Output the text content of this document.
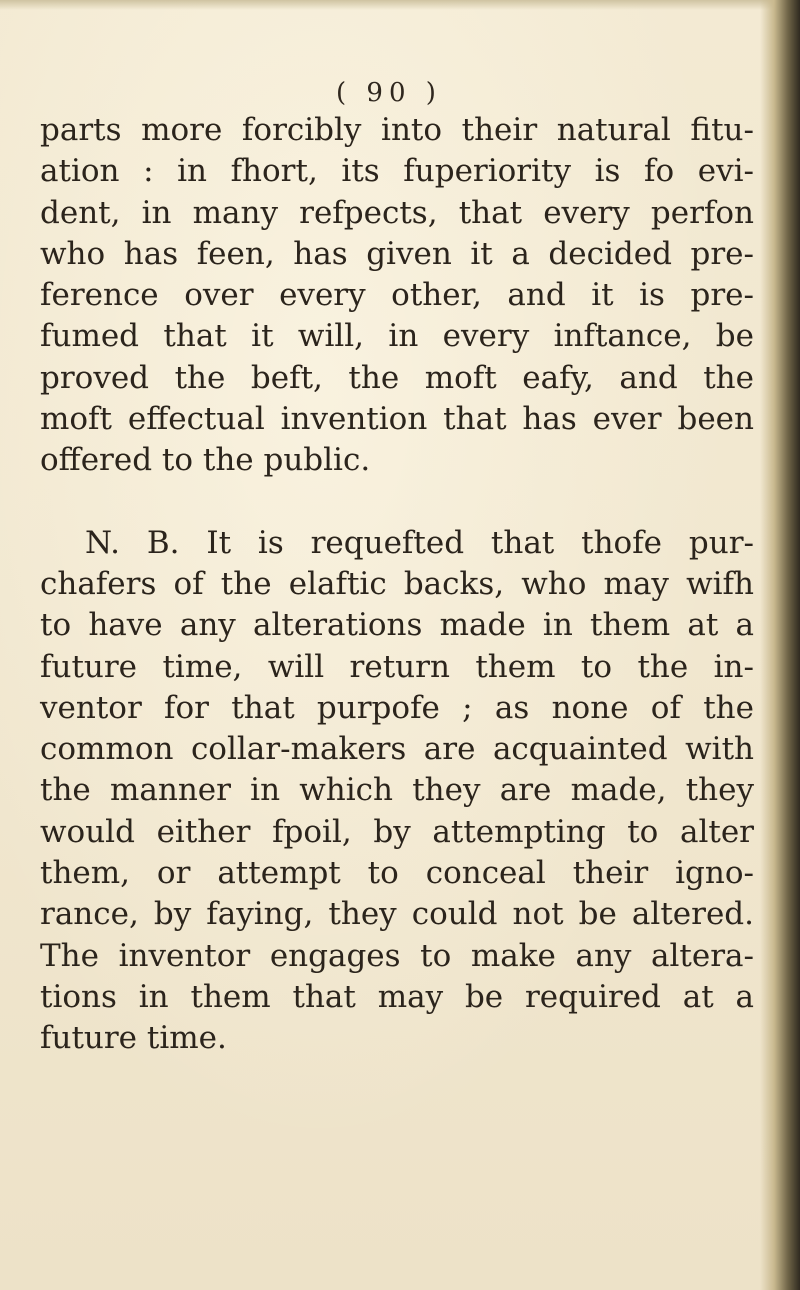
( 90 )
parts more forcibly into their natural fitu-
ation : in fhort, its fuperiority is fo evi-
dent, in many refpects, that every perfon
who has feen, has given it a decided pre-
ference over every other, and it is pre-
fumed that it will, in every inftance, be
proved the beft, the moft eafy, and the
moft effectual invention that has ever been
offered to the public.
N. B. It is requefted that thofe pur-
chafers of the elaftic backs, who may wifh
to have any alterations made in them at a
future time, will return them to the in-
ventor for that purpofe ; as none of the
common collar-makers are acquainted with
the manner in which they are made, they
would either fpoil, by attempting to alter
them, or attempt to conceal their igno-
rance, by faying, they could not be altered.
The inventor engages to make any altera-
tions in them that may be required at a
future time.
